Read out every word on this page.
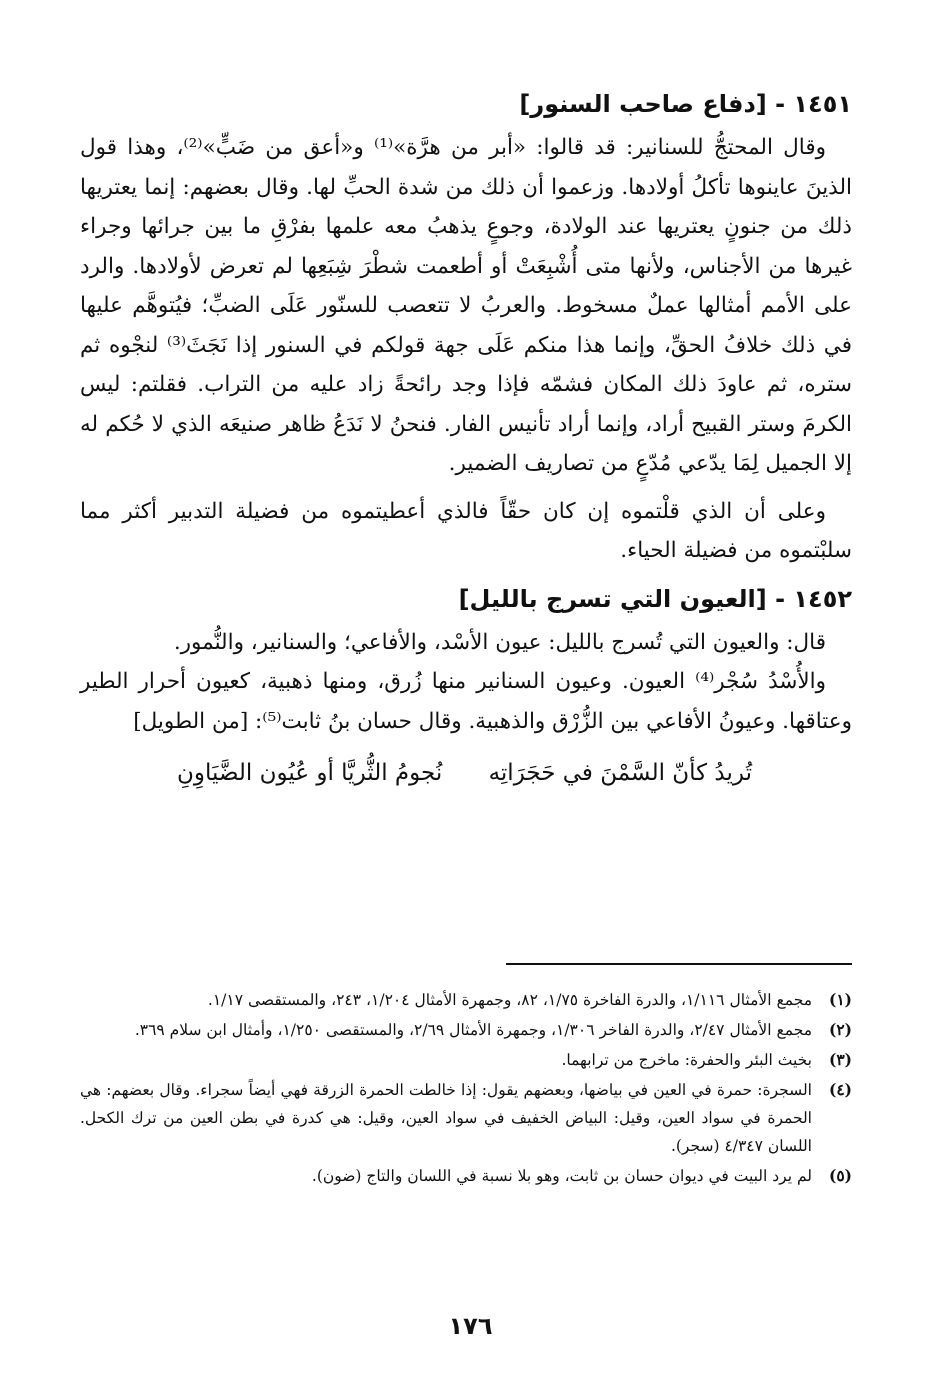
١٤٥١ - [دفاع صاحب السنور]

وقال المحتجُّ للسنانير: قد قالوا: «أبر من هرَّة»⁽¹⁾ و«أعق من ضَبٍّ»⁽²⁾، وهذا قول الذينَ عاينوها تأكلُ أولادها. وزعموا أن ذلك من شدة الحبِّ لها. وقال بعضهم: إنما يعتريها ذلك من جنونٍ يعتريها عند الولادة، وجوعٍ يذهبُ معه علمها بفرْقِ ما بين جرائها وجراء غيرها من الأجناس، ولأنها متى أُشْبِعَتْ أو أطعمت شطْرَ شِبَعِها لم تعرض لأولادها. والرد على الأمم أمثالها عملٌ مسخوط. والعربُ لا تتعصب للسنّور عَلَى الضبِّ؛ فيُتوهَّم عليها في ذلك خلافُ الحقِّ، وإنما هذا منكم عَلَى جهة قولكم في السنور إذا نَجَثَ⁽³⁾ لنجْوه ثم ستره، ثم عاودَ ذلك المكان فشمّه فإذا وجد رائحةً زاد عليه من التراب. فقلتم: ليس الكرمَ وستر القبيح أراد، وإنما أراد تأنيس الفار. فنحنُ لا نَدَعُ ظاهر صنيعَه الذي لا حُكم له إلا الجميل لِمَا يدّعي مُدّعٍ من تصاريف الضمير.

وعلى أن الذي قلْتموه إن كان حقّاً فالذي أعطيتموه من فضيلة التدبير أكثر مما سلبْتموه من فضيلة الحياء.

١٤٥٢ - [العيون التي تسرج بالليل]

قال: والعيون التي تُسرج بالليل: عيون الأسْد، والأفاعي؛ والسنانير، والنُّمور.

والأُسْدُ سُجْر⁽⁴⁾ العيون. وعيون السنانير منها زُرق، ومنها ذهبية، كعيون أحرار الطير وعتاقها. وعيونُ الأفاعي بين الزُّرْق والذهبية. وقال حسان بنُ ثابت⁽⁵⁾: [من الطويل]

تُريدُ كأنّ السَّمْنَ في حَجَرَاتِه
نُجومُ الثُّريَّا أو عُيُون الضَّيَاوِنِ
(١)
مجمع الأمثال ١/١١٦، والدرة الفاخرة ١/٧٥، ٨٢، وجمهرة الأمثال ١/٢٠٤، ٢٤٣، والمستقصى ١/١٧.
(٢)
مجمع الأمثال ٢/٤٧، والدرة الفاخر ١/٣٠٦، وجمهرة الأمثال ٢/٦٩، والمستقصى ١/٢٥٠، وأمثال ابن سلام ٣٦٩.
(٣)
بخيث البئر والحفرة: ماخرج من ترابهما.
(٤)
السجرة: حمرة في العين في بياضها، وبعضهم يقول: إذا خالطت الحمرة الزرقة فهي أيضاً سجراء. وقال بعضهم: هي الحمرة في سواد العين، وقيل: البياض الخفيف في سواد العين، وقيل: هي كدرة في بطن العين من ترك الكحل. اللسان ٤/٣٤٧ (سجر).
(٥)
لم يرد البيت في ديوان حسان بن ثابت، وهو بلا نسبة في اللسان والتاج (ضون).
١٧٦
